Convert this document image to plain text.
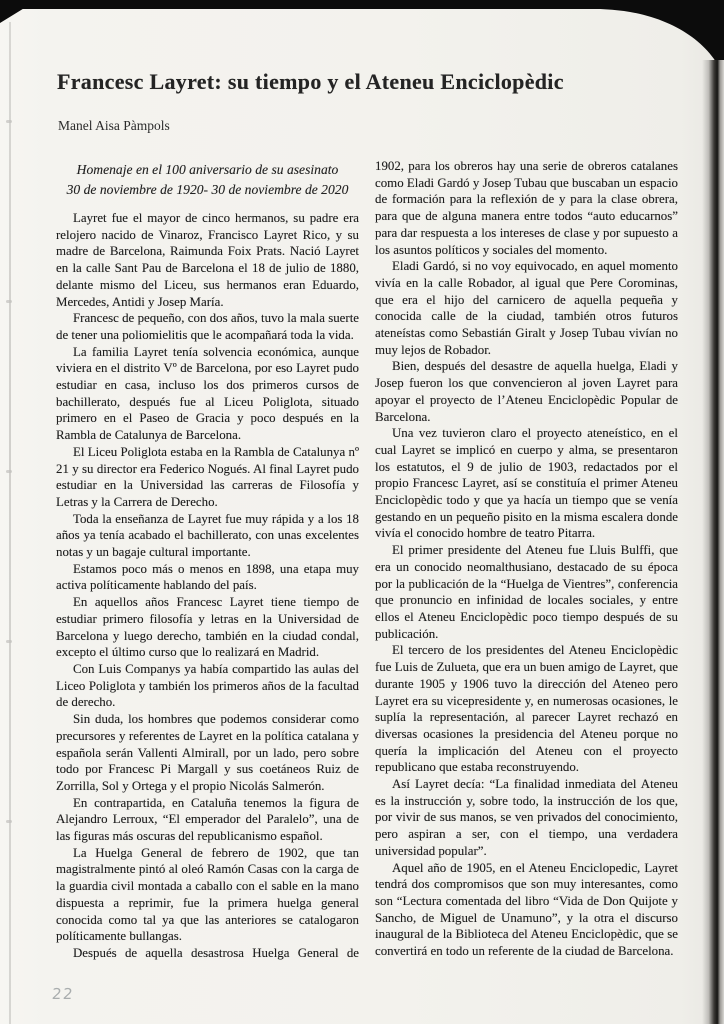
Francesc Layret: su tiempo y el Ateneu Enciclopèdic
Manel Aisa Pàmpols
Homenaje en el 100 aniversario de su asesinato
30 de noviembre de 1920- 30 de noviembre de 2020

Layret fue el mayor de cinco hermanos, su padre era relojero nacido de Vinaroz, Francisco Layret Rico, y su madre de Barcelona, Raimunda Foix Prats. Nació Layret en la calle Sant Pau de Barcelona el 18 de julio de 1880, delante mismo del Liceu, sus hermanos eran Eduardo, Mercedes, Antidi y Josep María.

Francesc de pequeño, con dos años, tuvo la mala suerte de tener una poliomielitis que le acompañará toda la vida.

La familia Layret tenía solvencia económica, aunque viviera en el distrito Vº de Barcelona, por eso Layret pudo estudiar en casa, incluso los dos primeros cursos de bachillerato, después fue al Liceu Poliglota, situado primero en el Paseo de Gracia y poco después en la Rambla de Catalunya de Barcelona.

El Liceu Poliglota estaba en la Rambla de Catalunya nº 21 y su director era Federico Nogués. Al final Layret pudo estudiar en la Universidad las carreras de Filosofía y Letras y la Carrera de Derecho.

Toda la enseñanza de Layret fue muy rápida y a los 18 años ya tenía acabado el bachillerato, con unas excelentes notas y un bagaje cultural importante.

Estamos poco más o menos en 1898, una etapa muy activa políticamente hablando del país.

En aquellos años Francesc Layret tiene tiempo de estudiar primero filosofía y letras en la Universidad de Barcelona y luego derecho, también en la ciudad condal, excepto el último curso que lo realizará en Madrid.

Con Luis Companys ya había compartido las aulas del Liceo Poliglota y también los primeros años de la facultad de derecho.

Sin duda, los hombres que podemos considerar como precursores y referentes de Layret en la política catalana y española serán Vallenti Almirall, por un lado, pero sobre todo por Francesc Pi Margall y sus coetáneos Ruiz de Zorrilla, Sol y Ortega y el propio Nicolás Salmerón.

En contrapartida, en Cataluña tenemos la figura de Alejandro Lerroux, “El emperador del Paralelo”, una de las figuras más oscuras del republicanismo español.

La Huelga General de febrero de 1902, que tan magistralmente pintó al oleó Ramón Casas con la carga de la guardia civil montada a caballo con el sable en la mano dispuesta a reprimir, fue la primera huelga general conocida como tal ya que las anteriores se catalogaron políticamente bullangas.

Después de aquella desastrosa Huelga General de

1902, para los obreros hay una serie de obreros catalanes como Eladi Gardó y Josep Tubau que buscaban un espacio de formación para la reflexión de y para la clase obrera, para que de alguna manera entre todos “auto educarnos” para dar respuesta a los intereses de clase y por supuesto a los asuntos políticos y sociales del momento.

Eladi Gardó, si no voy equivocado, en aquel momento vivía en la calle Robador, al igual que Pere Corominas, que era el hijo del carnicero de aquella pequeña y conocida calle de la ciudad, también otros futuros ateneístas como Sebastián Giralt y Josep Tubau vivían no muy lejos de Robador.

Bien, después del desastre de aquella huelga, Eladi y Josep fueron los que convencieron al joven Layret para apoyar el proyecto de l’Ateneu Enciclopèdic Popular de Barcelona.

Una vez tuvieron claro el proyecto ateneístico, en el cual Layret se implicó en cuerpo y alma, se presentaron los estatutos, el 9 de julio de 1903, redactados por el propio Francesc Layret, así se constituía el primer Ateneu Enciclopèdic todo y que ya hacía un tiempo que se venía gestando en un pequeño pisito en la misma escalera donde vivía el conocido hombre de teatro Pitarra.

El primer presidente del Ateneu fue Lluis Bulffi, que era un conocido neomalthusiano, destacado de su época por la publicación de la “Huelga de Vientres”, conferencia que pronuncio en infinidad de locales sociales, y entre ellos el Ateneu Enciclopèdic poco tiempo después de su publicación.

El tercero de los presidentes del Ateneu Enciclopèdic fue Luis de Zulueta, que era un buen amigo de Layret, que durante 1905 y 1906 tuvo la dirección del Ateneo pero Layret era su vicepresidente y, en numerosas ocasiones, le suplía la representación, al parecer Layret rechazó en diversas ocasiones la presidencia del Ateneu porque no quería la implicación del Ateneu con el proyecto republicano que estaba reconstruyendo.

Así Layret decía: “La finalidad inmediata del Ateneu es la instrucción y, sobre todo, la instrucción de los que, por vivir de sus manos, se ven privados del conocimiento, pero aspiran a ser, con el tiempo, una verdadera universidad popular”.

Aquel año de 1905, en el Ateneu Enciclopedic, Layret tendrá dos compromisos que son muy interesantes, como son “Lectura comentada del libro “Vida de Don Quijote y Sancho, de Miguel de Unamuno”, y la otra el discurso inaugural de la Biblioteca del Ateneu Enciclopèdic, que se convertirá en todo un referente de la ciudad de Barcelona.

22
